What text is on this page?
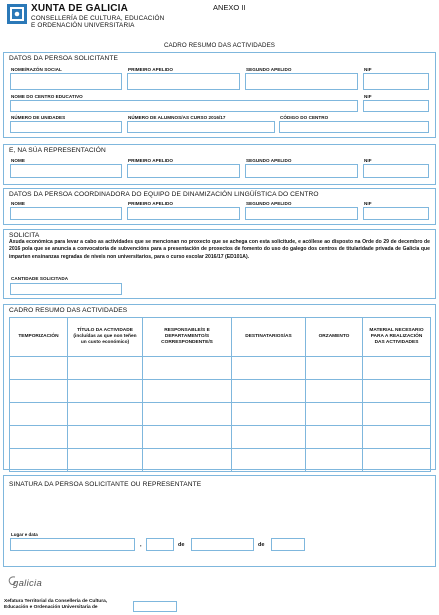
XUNTA DE GALICIA
CONSELLERÍA DE CULTURA, EDUCACIÓN
E ORDENACIÓN UNIVERSITARIA
ANEXO II
CADRO RESUMO DAS ACTIVIDADES
DATOS DA PERSOA SOLICITANTE
NOME/RAZÓN SOCIAL	PRIMEIRO APELIDO	SEGUNDO APELIDO	NIF
NOME DO CENTRO EDUCATIVO	NIF
NÚMERO DE UNIDADES	NÚMERO DE ALUMNOS/AS CURSO 2016/17	CÓDIGO DO CENTRO
E, NA SÚA REPRESENTACIÓN
NOME	PRIMEIRO APELIDO	SEGUNDO APELIDO	NIF
DATOS DA PERSOA COORDINADORA DO EQUIPO DE DINAMIZACIÓN LINGÜÍSTICA DO CENTRO
NOME	PRIMEIRO APELIDO	SEGUNDO APELIDO	NIF
SOLICITA
Axuda económica para levar a cabo as actividades que se mencionan no proxecto que se achega con esta solicitude, e acóllese ao disposto na Orde do 29 de decembro de 2016 pola que se anuncia a convocatoria de subvencións para a presentación de proxectos de fomento do uso do galego dos centros de titularidade privada de Galicia que imparten ensinanzas regradas de niveis non universitarios, para o curso escolar 2016/17 (ED101A).
CANTIDADE SOLICITADA
CADRO RESUMO DAS ACTIVIDADES
TEMPORIZACIÓN	TÍTULO DA ACTIVIDADE (incluídas as que non teñen un custo económico)	RESPONSABLE/S E DEPARTAMENTO/S CORRESPONDENTE/S	DESTINATARIOS/AS	ORZAMENTO	MATERIAL NECESARIO PARA A REALIZACIÓN DAS ACTIVIDADES

SINATURA DA PERSOA SOLICITANTE OU REPRESENTANTE
Lugar e data
,	de	de
galicia
Xefatura Territorial da Consellería de Cultura,
Educación e Ordenación Universitaria de
